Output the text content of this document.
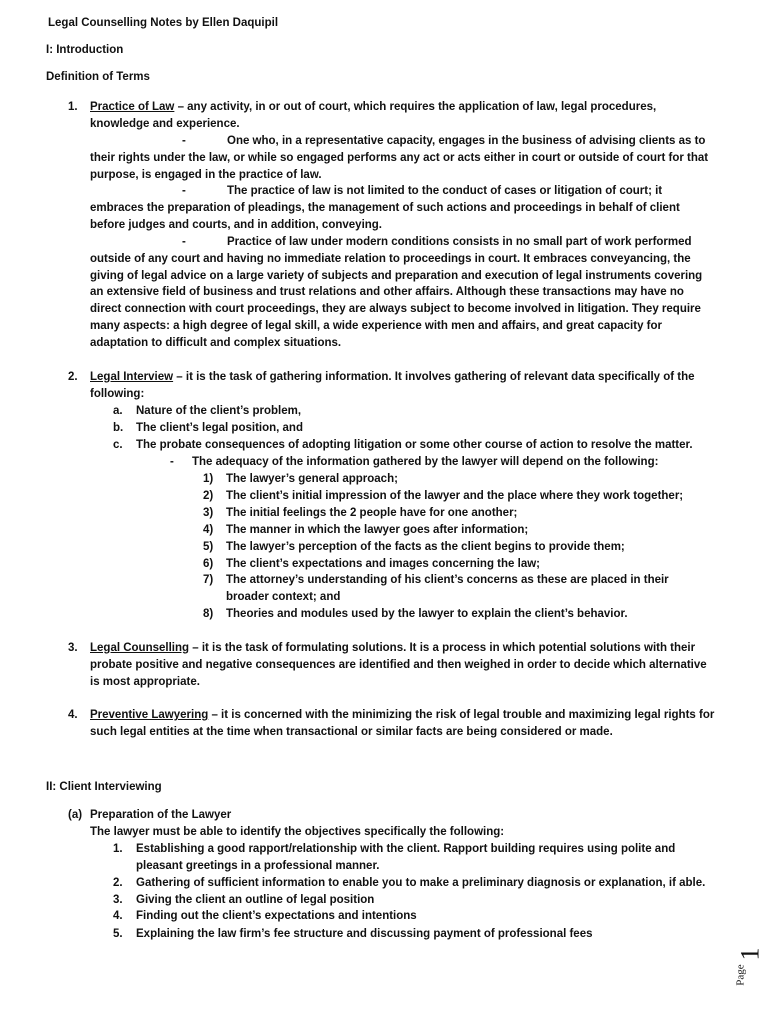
Legal Counselling Notes by Ellen Daquipil
I: Introduction
Definition of Terms
1. Practice of Law – any activity, in or out of court, which requires the application of law, legal procedures, knowledge and experience.
-	One who, in a representative capacity, engages in the business of advising clients as to their rights under the law, or while so engaged performs any act or acts either in court or outside of court for that purpose, is engaged in the practice of law.
-	The practice of law is not limited to the conduct of cases or litigation of court; it embraces the preparation of pleadings, the management of such actions and proceedings in behalf of client before judges and courts, and in addition, conveying.
-	Practice of law under modern conditions consists in no small part of work performed outside of any court and having no immediate relation to proceedings in court. It embraces conveyancing, the giving of legal advice on a large variety of subjects and preparation and execution of legal instruments covering an extensive field of business and trust relations and other affairs. Although these transactions may have no direct connection with court proceedings, they are always subject to become involved in litigation. They require many aspects: a high degree of legal skill, a wide experience with men and affairs, and great capacity for adaptation to difficult and complex situations.
2. Legal Interview – it is the task of gathering information. It involves gathering of relevant data specifically of the following:
a. Nature of the client’s problem,
b. The client’s legal position, and
c. The probate consequences of adopting litigation or some other course of action to resolve the matter.
- The adequacy of the information gathered by the lawyer will depend on the following:
1) The lawyer’s general approach;
2) The client’s initial impression of the lawyer and the place where they work together;
3) The initial feelings the 2 people have for one another;
4) The manner in which the lawyer goes after information;
5) The lawyer’s perception of the facts as the client begins to provide them;
6) The client’s expectations and images concerning the law;
7) The attorney’s understanding of his client’s concerns as these are placed in their broader context; and
8) Theories and modules used by the lawyer to explain the client’s behavior.
3. Legal Counselling – it is the task of formulating solutions. It is a process in which potential solutions with their probate positive and negative consequences are identified and then weighed in order to decide which alternative is most appropriate.
4. Preventive Lawyering – it is concerned with the minimizing the risk of legal trouble and maximizing legal rights for such legal entities at the time when transactional or similar facts are being considered or made.
II: Client Interviewing
(a) Preparation of the Lawyer
The lawyer must be able to identify the objectives specifically the following:
1. Establishing a good rapport/relationship with the client. Rapport building requires using polite and pleasant greetings in a professional manner.
2. Gathering of sufficient information to enable you to make a preliminary diagnosis or explanation, if able.
3. Giving the client an outline of legal position
4. Finding out the client’s expectations and intentions
5. Explaining the law firm’s fee structure and discussing payment of professional fees
Page
1
